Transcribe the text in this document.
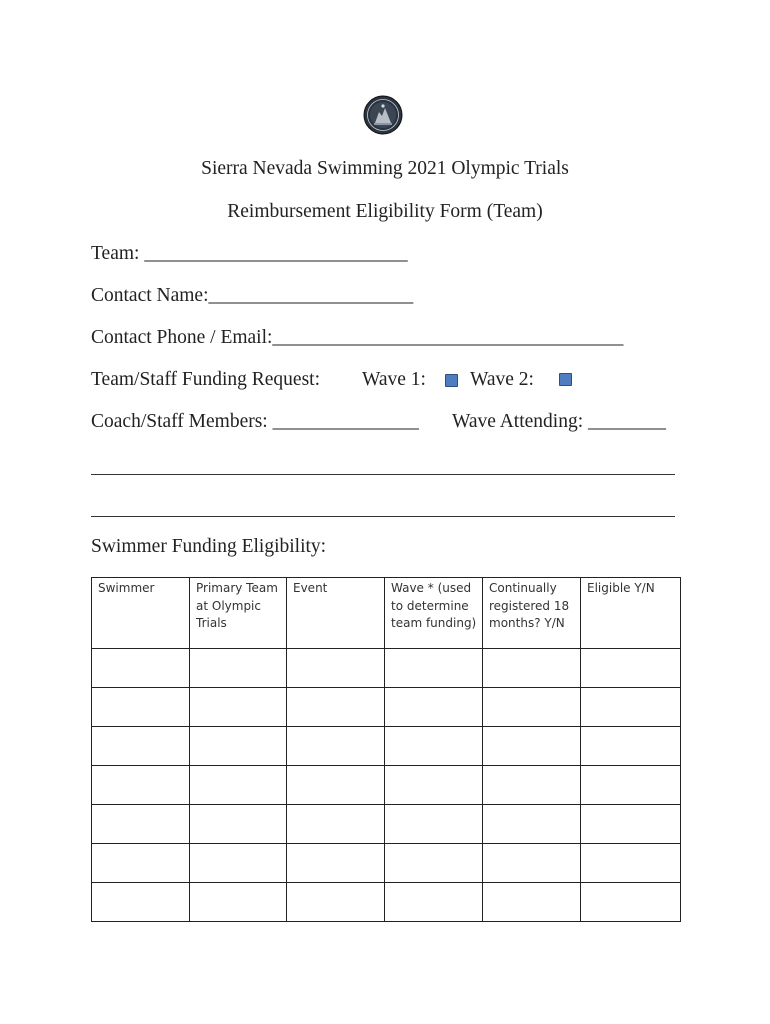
Sierra Nevada Swimming 2021 Olympic Trials
Reimbursement Eligibility Form (Team)
Team: ___________________________
Contact Name:_____________________
Contact Phone / Email:____________________________________
Team/Staff Funding Request: Wave 1: Wave 2:
Coach/Staff Members: _______________ Wave Attending: ________
Swimmer Funding Eligibility:
Swimmer	Primary Team at Olympic Trials	Event	Wave * (used to determine team funding)	Continually registered 18 months? Y/N	Eligible Y/N
